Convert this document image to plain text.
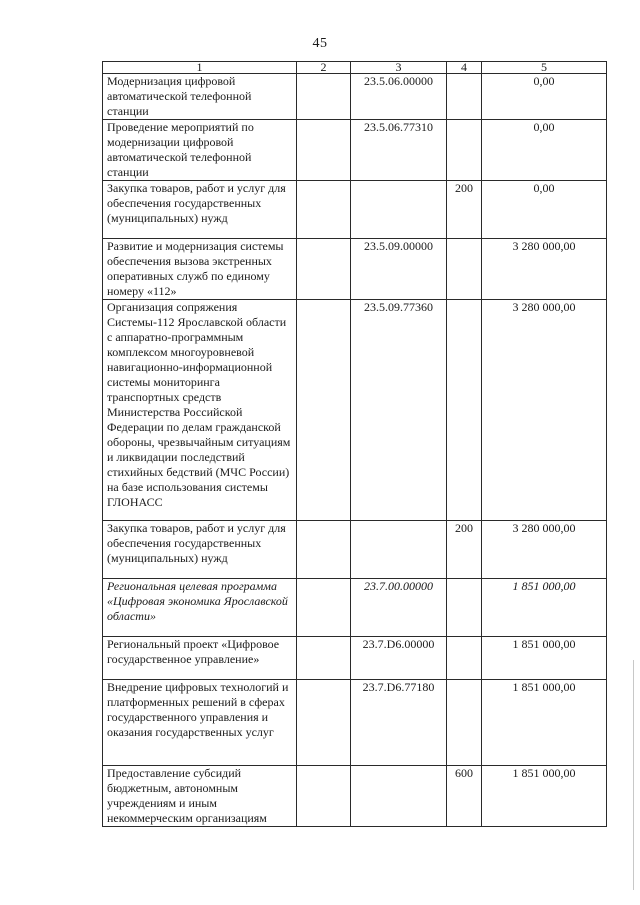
45
1	2	3	4	5
Модернизация цифровой автоматической телефонной станции		23.5.06.00000		0,00
Проведение мероприятий по модернизации цифровой автоматической телефонной станции		23.5.06.77310		0,00
Закупка товаров, работ и услуг для обеспечения государственных (муниципальных) нужд			200	0,00
Развитие и модернизация системы обеспечения вызова экстренных оперативных служб по единому номеру «112»		23.5.09.00000		3 280 000,00
Организация сопряжения Системы-112 Ярославской области с аппаратно-программным комплексом многоуровневой навигационно-информационной системы мониторинга транспортных средств Министерства Российской Федерации по делам гражданской обороны, чрезвычайным ситуациям и ликвидации последствий стихийных бедствий (МЧС России) на базе использования системы ГЛОНАСС		23.5.09.77360		3 280 000,00
Закупка товаров, работ и услуг для обеспечения государственных (муниципальных) нужд			200	3 280 000,00
Региональная целевая программа «Цифровая экономика Ярославской области»		23.7.00.00000		1 851 000,00
Региональный проект «Цифровое государственное управление»		23.7.D6.00000		1 851 000,00
Внедрение цифровых технологий и платформенных решений в сферах государственного управления и оказания государственных услуг		23.7.D6.77180		1 851 000,00
Предоставление субсидий бюджетным, автономным учреждениям и иным некоммерческим организациям			600	1 851 000,00
